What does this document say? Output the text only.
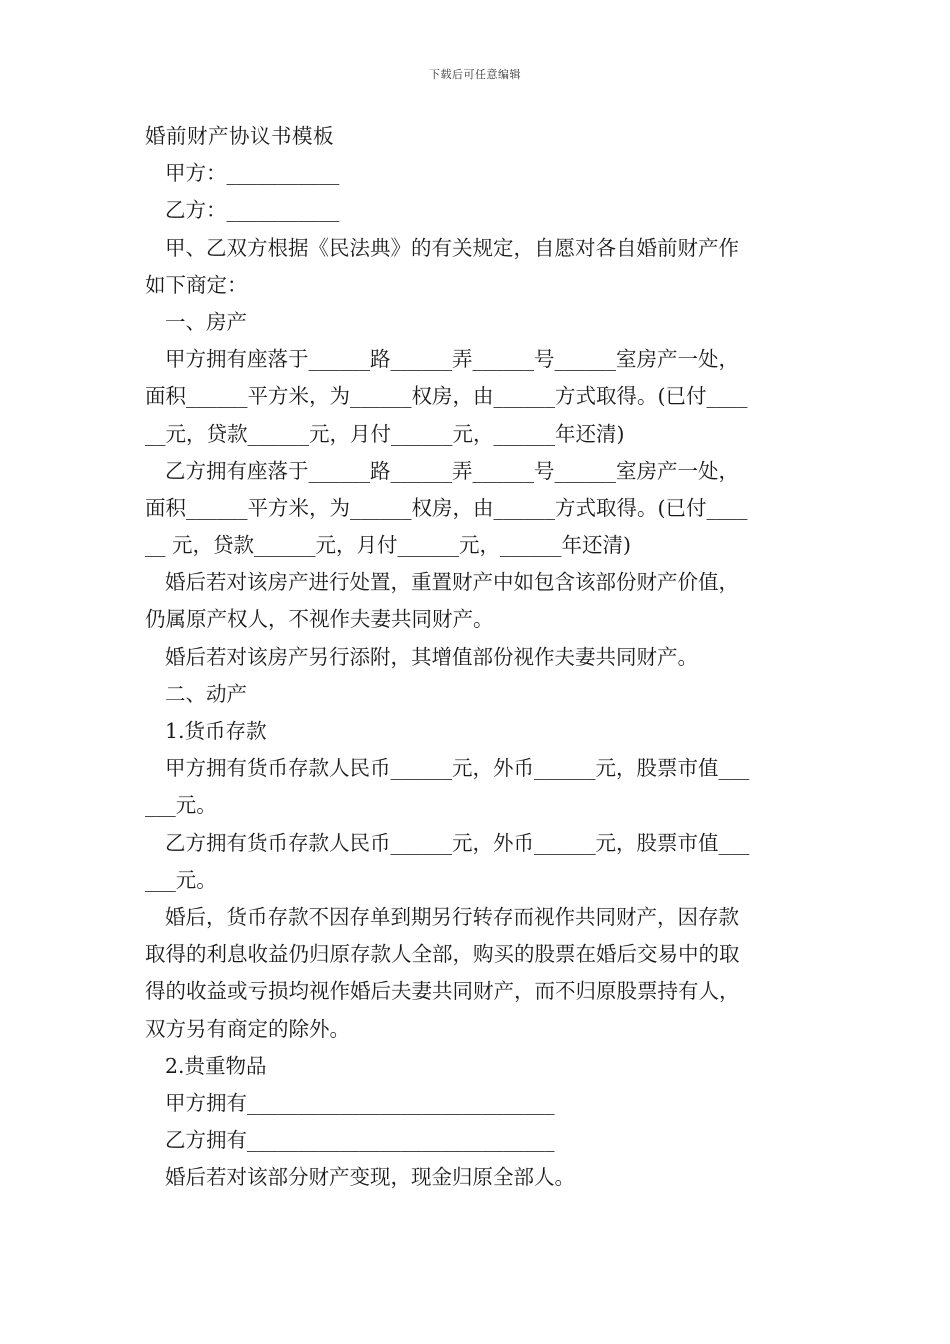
下载后可任意编辑
婚前财产协议书模板
甲方：___________
乙方：___________
甲、乙双方根据《民法典》的有关规定，自愿对各自婚前财产作
如下商定：
一、房产
甲方拥有座落于______路______弄______号______室房产一处，
面积______平方米，为______权房，由______方式取得。(已付____
__元，贷款______元，月付______元，______年还清)
乙方拥有座落于______路______弄______号______室房产一处，
面积______平方米，为______权房，由______方式取得。(已付____
__ 元，贷款______元，月付______元，______年还清)
婚后若对该房产进行处置，重置财产中如包含该部份财产价值，
仍属原产权人，不视作夫妻共同财产。
婚后若对该房产另行添附，其增值部份视作夫妻共同财产。
二、动产
1.货币存款
甲方拥有货币存款人民币______元，外币______元，股票市值___
___元。
乙方拥有货币存款人民币______元，外币______元，股票市值___
___元。
婚后，货币存款不因存单到期另行转存而视作共同财产，因存款
取得的利息收益仍归原存款人全部，购买的股票在婚后交易中的取
得的收益或亏损均视作婚后夫妻共同财产，而不归原股票持有人，
双方另有商定的除外。
2.贵重物品
甲方拥有______________________________
乙方拥有______________________________
婚后若对该部分财产变现，现金归原全部人。
